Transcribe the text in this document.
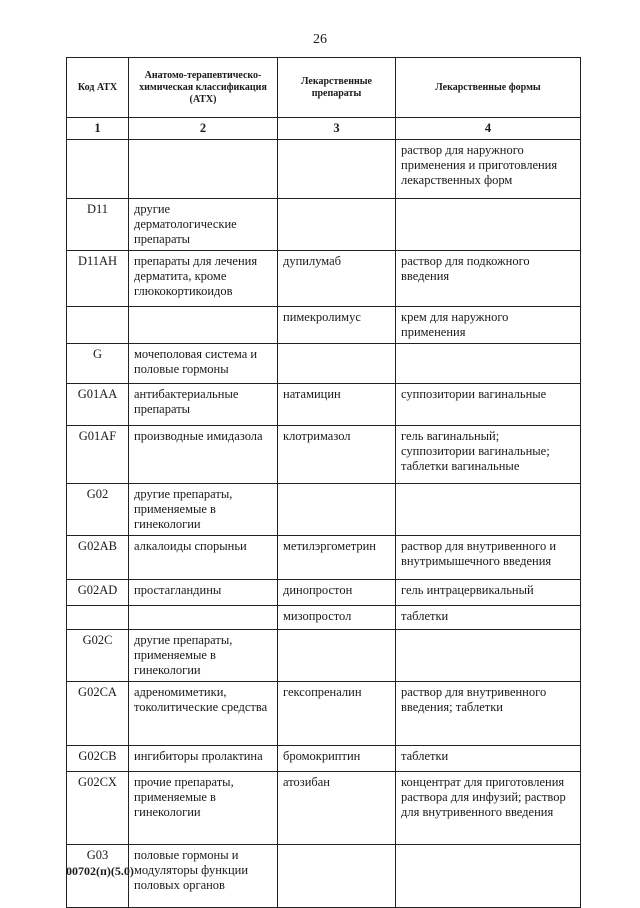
26
Код АТХ	Анатомо-терапевтическо-химическая классификация (АТХ)	Лекарственные препараты	Лекарственные формы
1	2	3	4
			раствор для наружного применения и приготовления лекарственных форм
D11	другие дерматологические препараты		
D11AH	препараты для лечения дерматита, кроме глюкокортикоидов	дупилумаб	раствор для подкожного введения
		пимекролимус	крем для наружного применения
G	мочеполовая система и половые гормоны		
G01AA	антибактериальные препараты	натамицин	суппозитории вагинальные
G01AF	производные имидазола	клотримазол	гель вагинальный; суппозитории вагинальные; таблетки вагинальные
G02	другие препараты, применяемые в гинекологии		
G02AB	алкалоиды спорыньи	метилэргометрин	раствор для внутривенного и внутримышечного введения
G02AD	простагландины	динопростон	гель интрацервикальный
		мизопростол	таблетки
G02C	другие препараты, применяемые в гинекологии		
G02CA	адреномиметики, токолитические средства	гексопреналин	раствор для внутривенного введения; таблетки
G02CB	ингибиторы пролактина	бромокриптин	таблетки
G02CX	прочие препараты, применяемые в гинекологии	атозибан	концентрат для приготовления раствора для инфузий; раствор для внутривенного введения
G03	половые гормоны и модуляторы функции половых органов		
00702(п)(5.0)
